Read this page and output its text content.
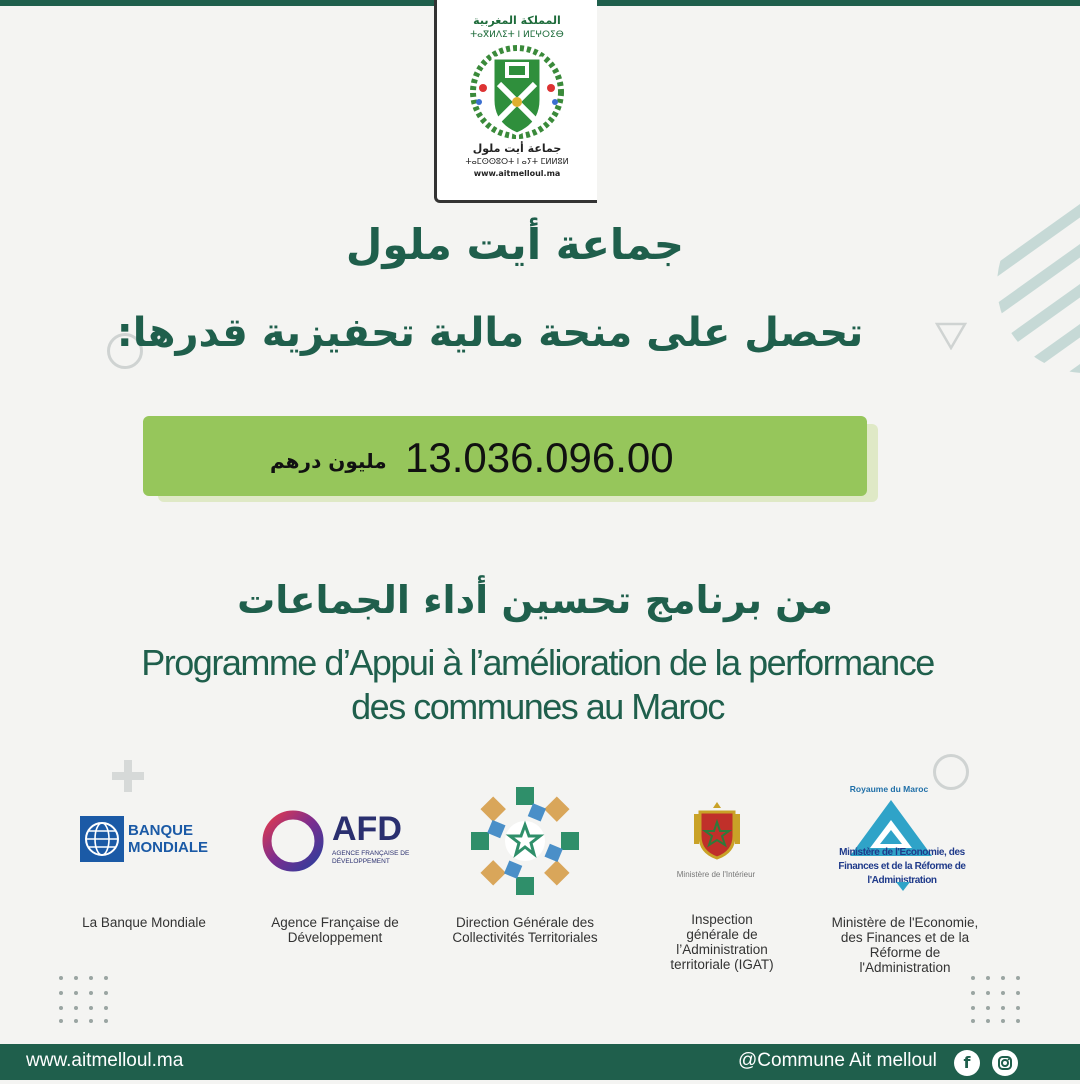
المملكة المغربية
ⵜⴰⴳⵍⴷⵉⵜ ⵏ ⵍⵎⵖⵔⵉⴱ
جماعة أيت ملول
ⵜⴰⵎⵙⵙⵓⵔⵜ ⵏ ⴰⵢⵜ ⵎⵍⵍⵓⵍ
www.aitmelloul.ma
جماعة أيت ملول
تحصل على منحة مالية تحفيزية قدرها:
13.036.096.00
مليون درهم
من برنامج تحسين أداء الجماعات
Programme d’Appui à l’amélioration de la performance
des communes au Maroc
BANQUE MONDIALE	AFD
AGENCE FRANÇAISE DE DÉVELOPPEMENT
Ministère de l'Intérieur
Royaume du Maroc
Ministère de l'Economie, des Finances et de la Réforme de l'Administration
La Banque Mondiale	Agence Française de Développement
Direction Générale des Collectivités Territoriales
Inspection générale de l’Administration territoriale (IGAT)
Ministère de l'Economie, des Finances et de la Réforme de l'Administration
www.aitmelloul.ma	@Commune Ait melloul	f
